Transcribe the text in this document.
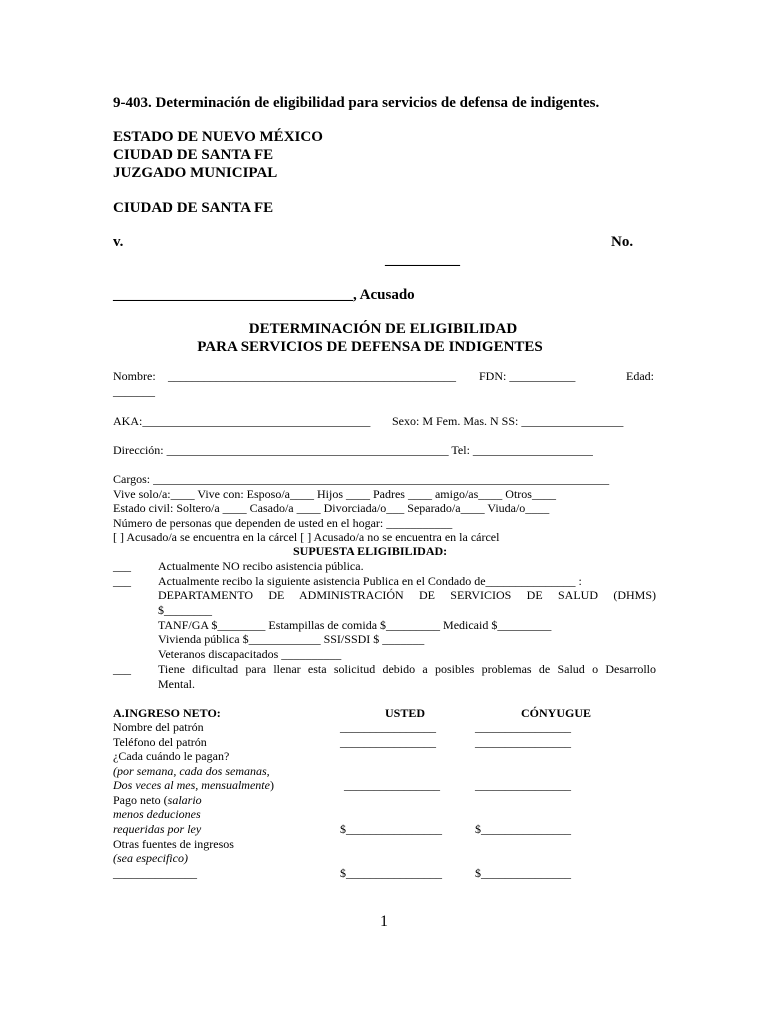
9-403. Determinación de eligibilidad para servicios de defensa de indigentes.
ESTADO DE NUEVO MÉXICO
CIUDAD DE SANTA FE
JUZGADO MUNICIPAL
CIUDAD DE SANTA FE
v.	No.
__________
________________________________, Acusado
DETERMINACIÓN DE ELIGIBILIDAD
PARA SERVICIOS DE DEFENSA DE INDIGENTES
Nombre: ________________________________________________ FDN: ___________	Edad:
_______
AKA:______________________________________ Sexo: M Fem. Mas. N SS: _________________
Dirección: _______________________________________________ Tel: ____________________
Cargos: ____________________________________________________________________________
Vive solo/a:____ Vive con: Esposo/a____ Hijos ____ Padres ____ amigo/as____ Otros____
Estado civil: Soltero/a ____ Casado/a ____ Divorciada/o___ Separado/a____ Viuda/o____
Número de personas que dependen de usted en el hogar: ___________
[ ] Acusado/a se encuentra en la cárcel [ ] Acusado/a no se encuentra en la cárcel
SUPUESTA ELIGIBILIDAD:
___ Actualmente NO recibo asistencia pública.
___ Actualmente recibo la siguiente asistencia Publica en el Condado de_______________ :
DEPARTAMENTO DE ADMINISTRACIÓN DE SERVICIOS DE SALUD (DHMS)
$________
TANF/GA $________ Estampillas de comida $_________ Medicaid $_________
Vivienda pública $____________ SSI/SSDI $ _______
Veteranos discapacitados __________
___ Tiene dificultad para llenar esta solicitud debido a posibles problemas de Salud o Desarrollo
Mental.
A.INGRESO NETO:	USTED	CÓNYUGUE
Nombre del patrón	________________	________________
Teléfono del patrón	________________	________________
¿Cada cuándo le pagan?
(por semana, cada dos semanas,
Dos veces al mes, mensualmente)	________________	________________
Pago neto (salario
menos deduciones
requeridas por ley	$________________	$_______________
Otras fuentes de ingresos
(sea especifico)
______________	$________________	$_______________
1
